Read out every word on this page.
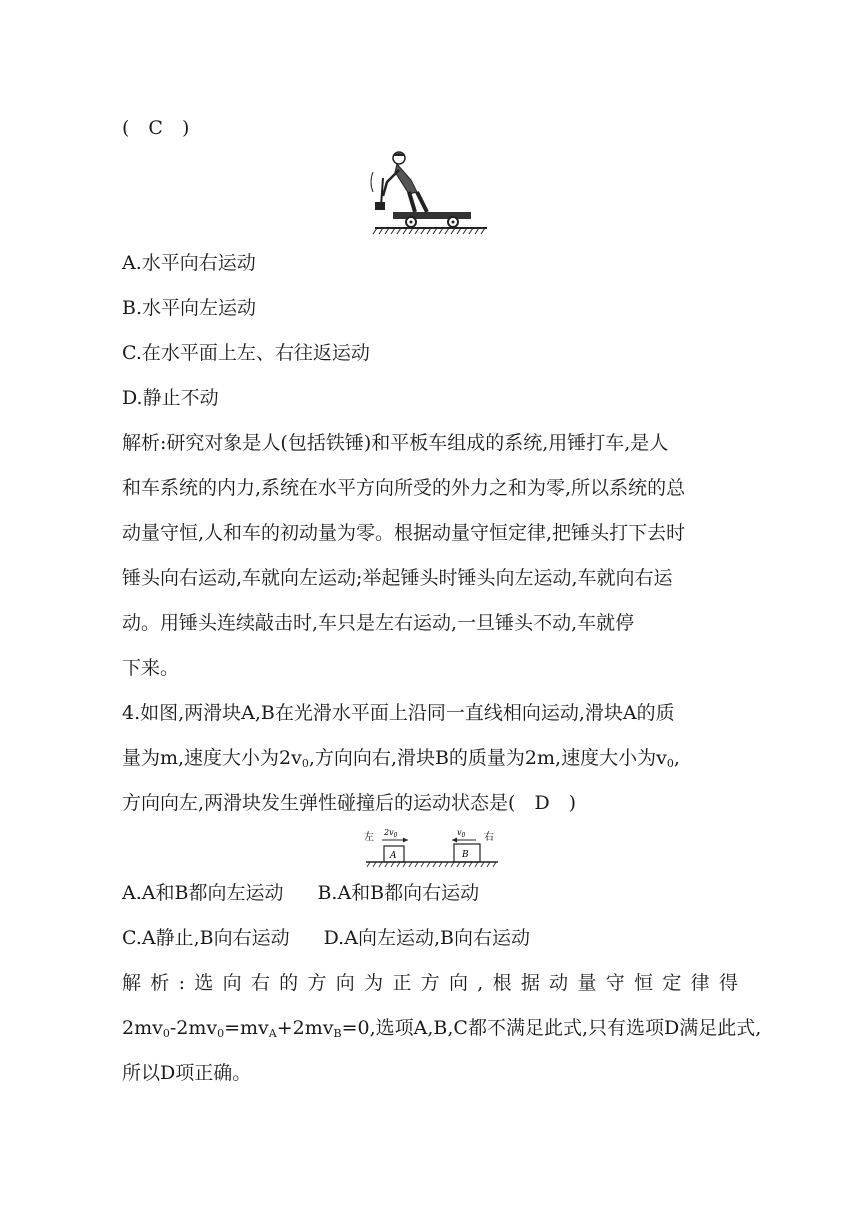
(　C　)
A.水平向右运动
B.水平向左运动
C.在水平面上左、右往返运动
D.静止不动
解析:研究对象是人(包括铁锤)和平板车组成的系统,用锤打车,是人
和车系统的内力,系统在水平方向所受的外力之和为零,所以系统的总
动量守恒,人和车的初动量为零。根据动量守恒定律,把锤头打下去时
锤头向右运动,车就向左运动;举起锤头时锤头向左运动,车就向右运
动。用锤头连续敲击时,车只是左右运动,一旦锤头不动,车就停
下来。
4.如图,两滑块A,B在光滑水平面上沿同一直线相向运动,滑块A的质
量为m,速度大小为$2v_0$,方向向右,滑块B的质量为2m,速度大小为$v_0$,
方向向左,两滑块发生弹性碰撞后的运动状态是(　D　)
左	右
$2v_0$	$v_0$
A	B
A.A和B都向左运动 B.A和B都向右运动
C.A静止,B向右运动 D.A向左运动,B向右运动
解 析 : 选 向 右 的 方 向 为 正 方 向 , 根 据 动 量 守 恒 定 律 得
$2mv_0-2mv_0=mv_A+2mv_B=0$,选项A,B,C都不满足此式,只有选项D满足此式,
所以D项正确。
